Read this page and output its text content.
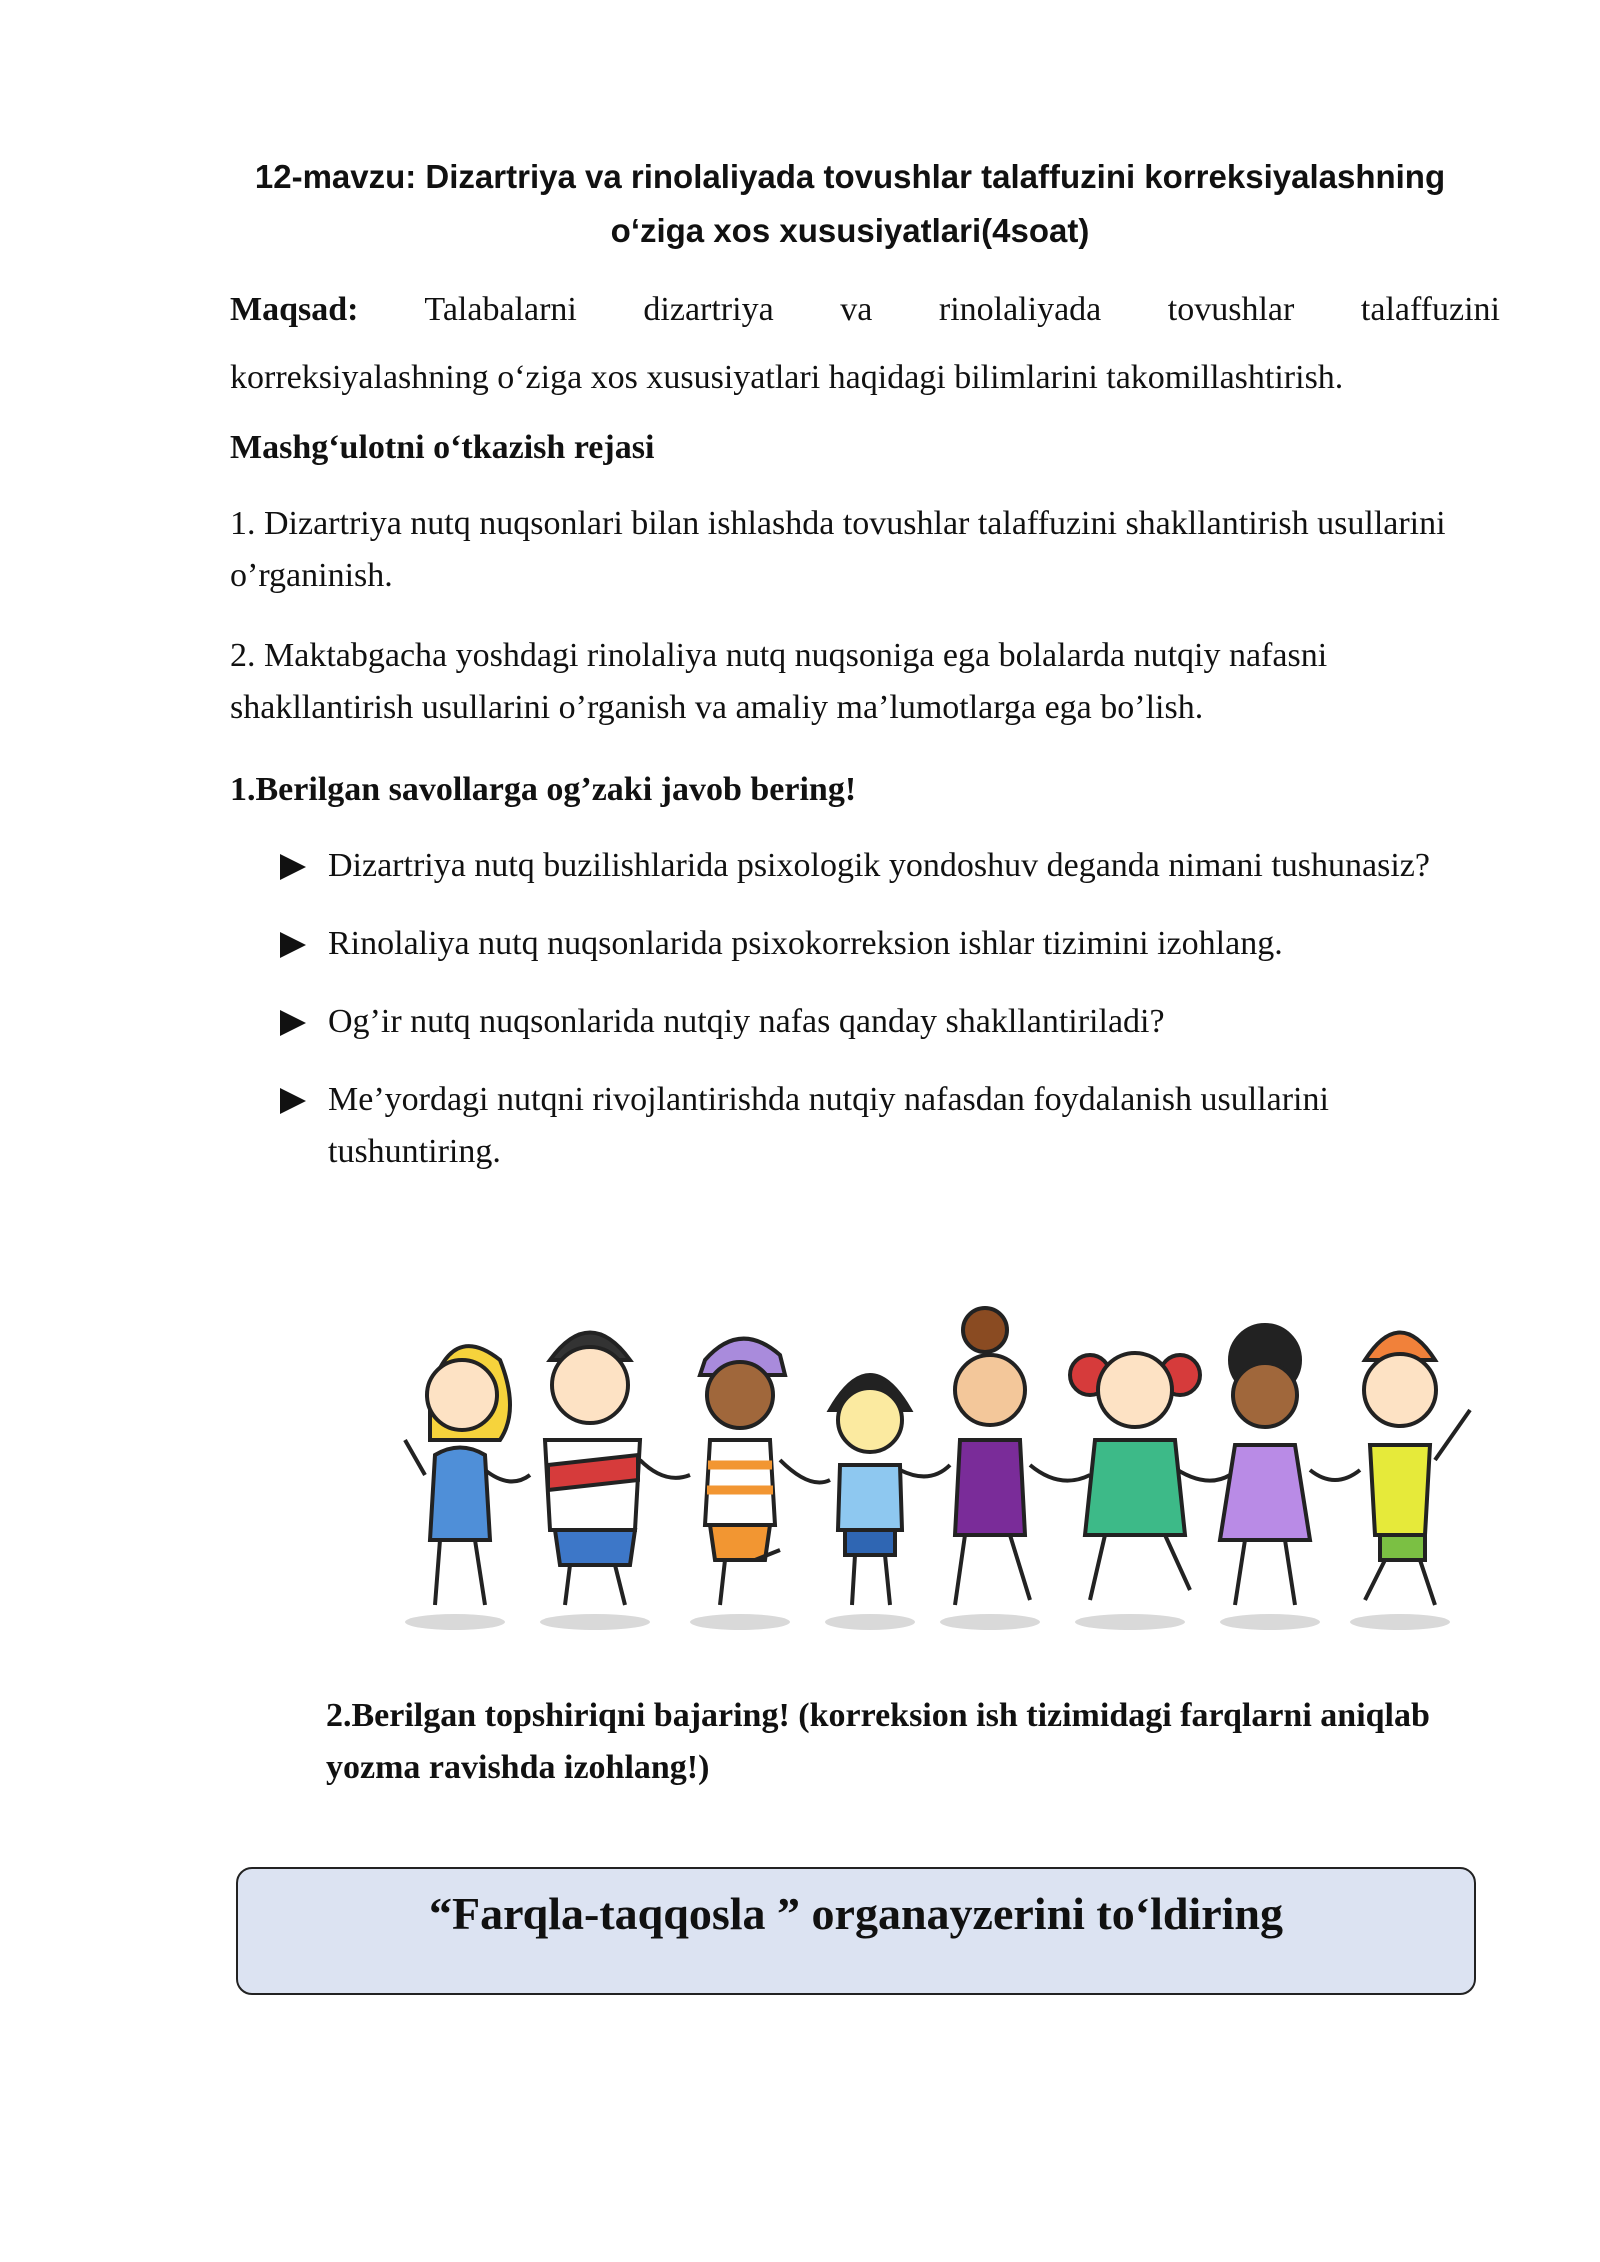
12-mavzu: Dizartriya va rinolaliyada tovushlar talaffuzini korreksiyalashning
oʻziga xos xususiyatlari(4soat)
Maqsad: Talabalarni dizartriya va rinolaliyada tovushlar talaffuzini
korreksiyalashning oʻziga xos xususiyatlari haqidagi bilimlarini takomillashtirish.
Mashgʻulotni oʻtkazish rejasi
1. Dizartriya nutq nuqsonlari bilan ishlashda tovushlar talaffuzini shakllantirish usullarini o’rganinish.
2. Maktabgacha yoshdagi rinolaliya nutq nuqsoniga ega bolalarda nutqiy nafasni shakllantirish usullarini o’rganish va amaliy ma’lumotlarga ega bo’lish.
1.Berilgan savollarga og’zaki javob bering!
Dizartriya nutq buzilishlarida psixologik yondoshuv deganda nimani tushunasiz?
Rinolaliya nutq nuqsonlarida psixokorreksion ishlar tizimini izohlang.
Og’ir nutq nuqsonlarida nutqiy nafas qanday shakllantiriladi?
Me’yordagi nutqni rivojlantirishda nutqiy nafasdan foydalanish usullarini tushuntiring.
2.Berilgan topshiriqni bajaring! (korreksion ish tizimidagi farqlarni aniqlab yozma ravishda izohlang!)
“Farqla-taqqosla ” organayzerini toʻldiring
